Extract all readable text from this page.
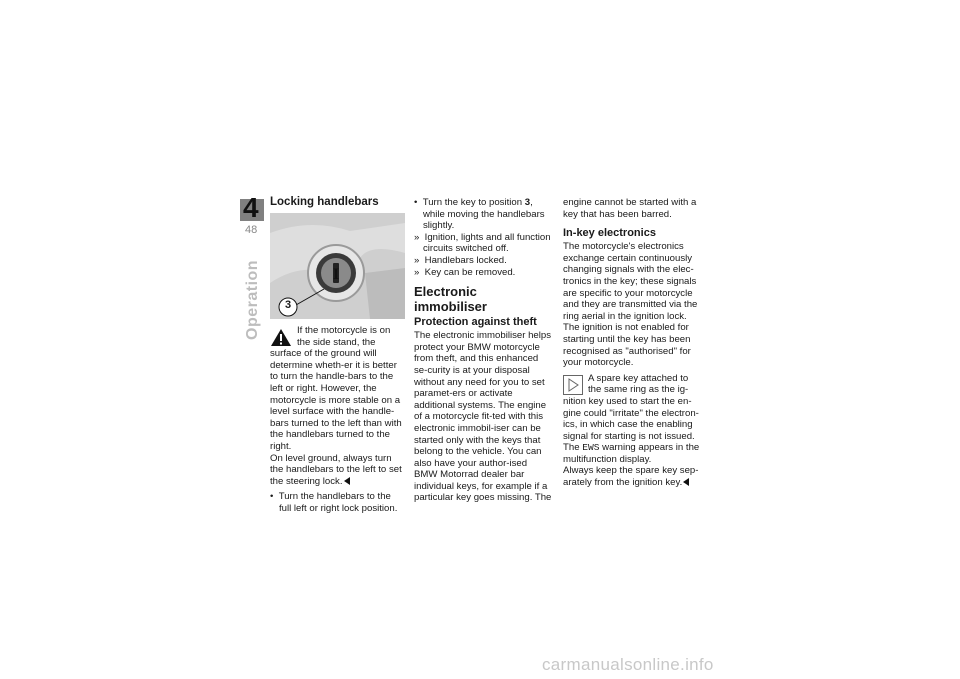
4
48
Operation
Locking handlebars
I
3

If the motorcycle is on the side stand, the surface of the ground will determine wheth-er it is better to turn the handle-bars to the left or right. However, the motorcycle is more stable on a level surface with the handle-bars turned to the left than with the handlebars turned to the right.

On level ground, always turn the handlebars to the left to set the steering lock.

•  Turn the handlebars to the full left or right lock position.

•  Turn the key to position 3, while moving the handlebars slightly.

»  Ignition, lights and all function circuits switched off.

»  Handlebars locked.

»  Key can be removed.

Electronic immobiliser
Protection against theft

The electronic immobiliser helps protect your BMW motorcycle from theft, and this enhanced se-curity is at your disposal without any need for you to set paramet-ers or activate additional systems. The engine of a motorcycle fit-ted with this electronic immobil-iser can be started only with the keys that belong to the vehicle. You can also have your author-ised BMW Motorrad dealer bar individual keys, for example if a particular key goes missing. The

engine cannot be started with a key that has been barred.

In-key electronics

The motorcycle's electronics exchange certain continuously changing signals with the elec-tronics in the key; these signals are specific to your motorcycle and they are transmitted via the ring aerial in the ignition lock. The ignition is not enabled for starting until the key has been recognised as "authorised" for your motorcycle.

A spare key attached to the same ring as the ig-nition key used to start the en-gine could "irritate" the electron-ics, in which case the enabling signal for starting is not issued. The EWS warning appears in the multifunction display.

Always keep the spare key sep-arately from the ignition key.

carmanualsonline.info
